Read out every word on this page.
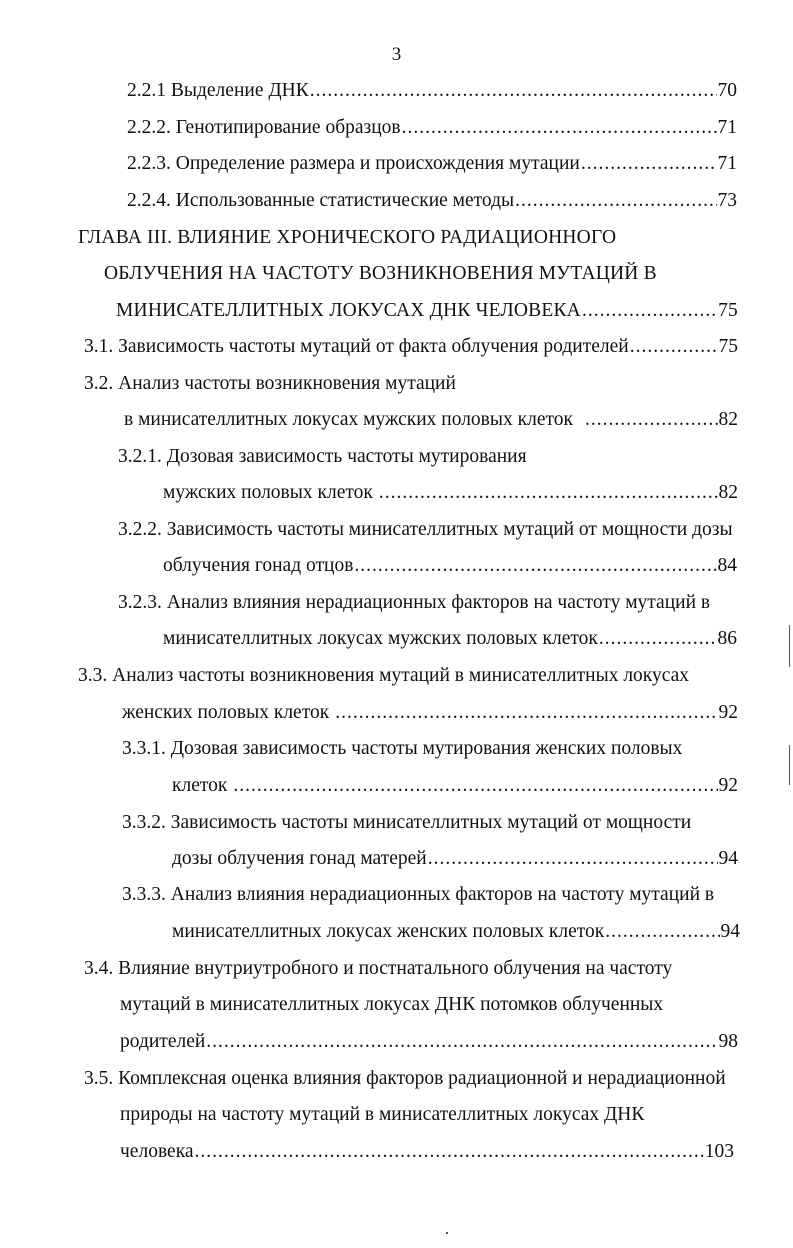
3
2.2.1 Выделение ДНК .....	70
2.2.2. Генотипирование образцов .....	71
2.2.3. Определение размера и происхождения мутации .....	71
2.2.4. Использованные статистические методы .....	73
ГЛАВА III. ВЛИЯНИЕ ХРОНИЧЕСКОГО РАДИАЦИОННОГО
ОБЛУЧЕНИЯ НА ЧАСТОТУ ВОЗНИКНОВЕНИЯ МУТАЦИЙ В
МИНИСАТЕЛЛИТНЫХ ЛОКУСАХ ДНК ЧЕЛОВЕКА .....	75
3.1. Зависимость частоты мутаций от факта облучения родителей .....	75
3.2. Анализ частоты возникновения мутаций
в минисателлитных локусах мужских половых клеток .....	82
3.2.1. Дозовая зависимость частоты мутирования
мужских половых клеток .....	82
3.2.2. Зависимость частоты минисателлитных мутаций от мощности дозы
облучения гонад отцов .....	84
3.2.3. Анализ влияния нерадиационных факторов на частоту мутаций в
минисателлитных локусах мужских половых клеток .....	86
3.3. Анализ частоты возникновения мутаций в минисателлитных локусах
женских половых клеток .....	92
3.3.1. Дозовая зависимость частоты мутирования женских половых
клеток .....	92
3.3.2. Зависимость частоты минисателлитных мутаций от мощности
дозы облучения гонад матерей .....	94
3.3.3. Анализ влияния нерадиационных факторов на частоту мутаций в
минисателлитных локусах женских половых клеток .....	94
3.4. Влияние внутриутробного и постнатального облучения на частоту
мутаций в минисателлитных локусах ДНК потомков облученных
родителей .....	98
3.5. Комплексная оценка влияния факторов радиационной и нерадиационной
природы на частоту мутаций в минисателлитных локусах ДНК
человека .....	103
